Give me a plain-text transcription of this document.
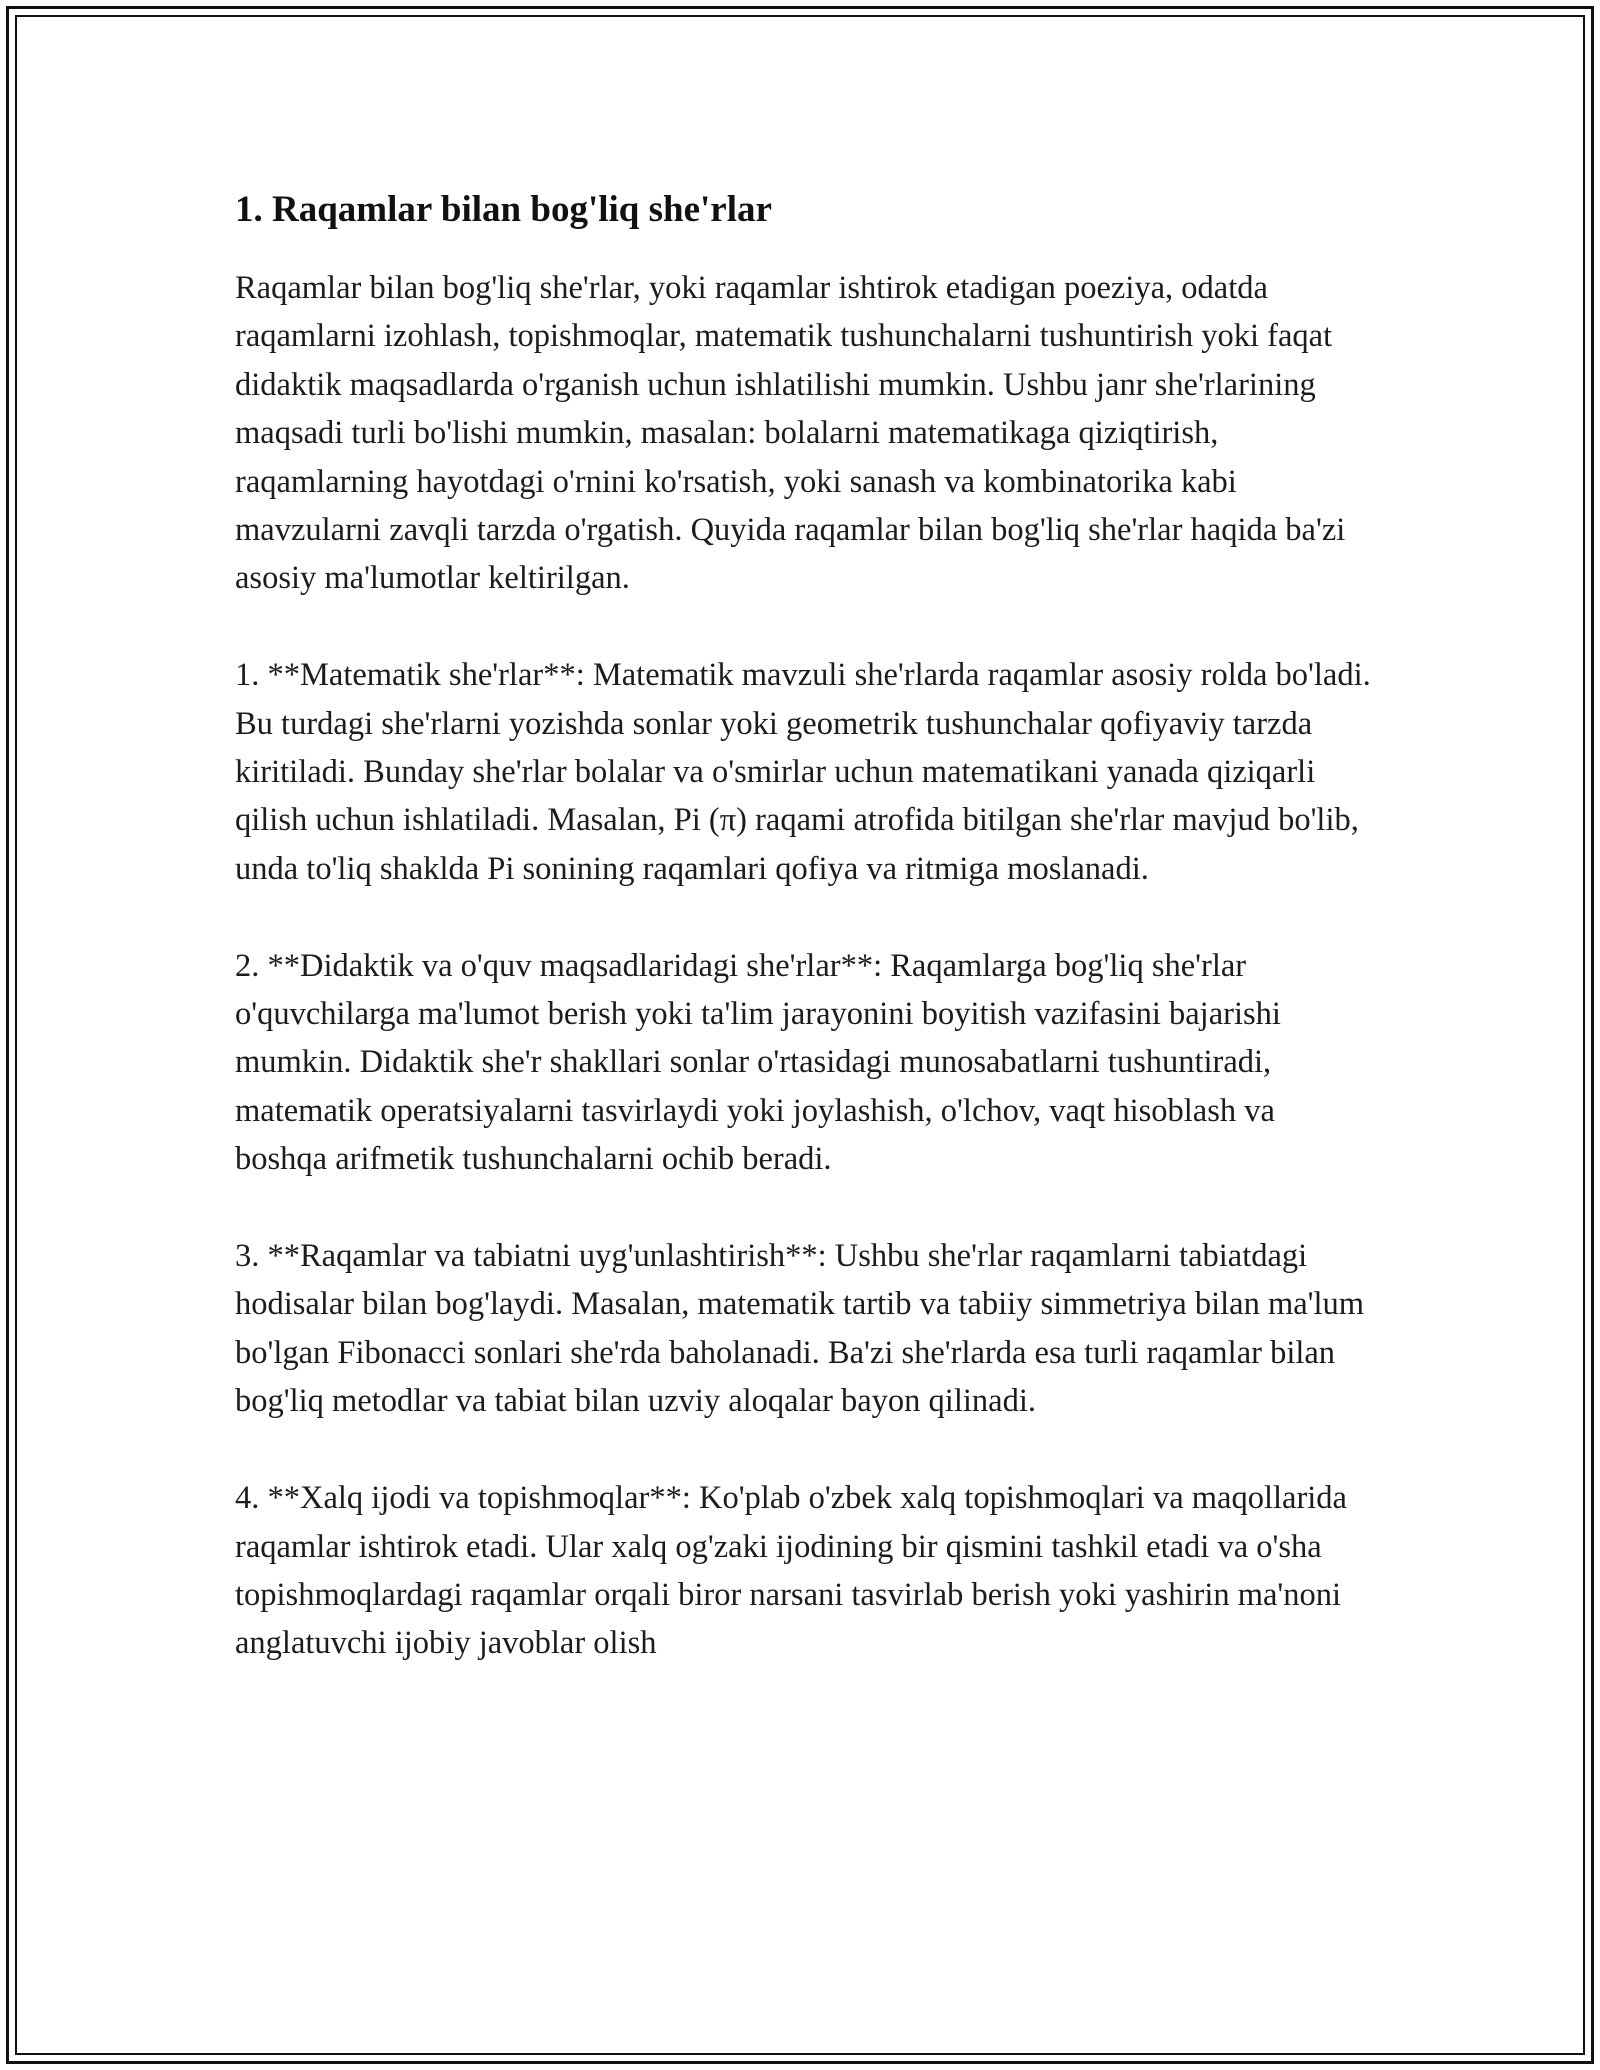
1. Raqamlar bilan bog'liq she'rlar

Raqamlar bilan bog'liq she'rlar, yoki raqamlar ishtirok etadigan poeziya, odatda raqamlarni izohlash, topishmoqlar, matematik tushunchalarni tushuntirish yoki faqat didaktik maqsadlarda o'rganish uchun ishlatilishi mumkin. Ushbu janr she'rlarining maqsadi turli bo'lishi mumkin, masalan: bolalarni matematikaga qiziqtirish, raqamlarning hayotdagi o'rnini ko'rsatish, yoki sanash va kombinatorika kabi mavzularni zavqli tarzda o'rgatish. Quyida raqamlar bilan bog'liq she'rlar haqida ba'zi asosiy ma'lumotlar keltirilgan.

1. **Matematik she'rlar**: Matematik mavzuli she'rlarda raqamlar asosiy rolda bo'ladi. Bu turdagi she'rlarni yozishda sonlar yoki geometrik tushunchalar qofiyaviy tarzda kiritiladi. Bunday she'rlar bolalar va o'smirlar uchun matematikani yanada qiziqarli qilish uchun ishlatiladi. Masalan, Pi (π) raqami atrofida bitilgan she'rlar mavjud bo'lib, unda to'liq shaklda Pi sonining raqamlari qofiya va ritmiga moslanadi.

2. **Didaktik va o'quv maqsadlaridagi she'rlar**: Raqamlarga bog'liq she'rlar o'quvchilarga ma'lumot berish yoki ta'lim jarayonini boyitish vazifasini bajarishi mumkin. Didaktik she'r shakllari sonlar o'rtasidagi munosabatlarni tushuntiradi, matematik operatsiyalarni tasvirlaydi yoki joylashish, o'lchov, vaqt hisoblash va boshqa arifmetik tushunchalarni ochib beradi.

3. **Raqamlar va tabiatni uyg'unlashtirish**: Ushbu she'rlar raqamlarni tabiatdagi hodisalar bilan bog'laydi. Masalan, matematik tartib va tabiiy simmetriya bilan ma'lum bo'lgan Fibonacci sonlari she'rda baholanadi. Ba'zi she'rlarda esa turli raqamlar bilan bog'liq metodlar va tabiat bilan uzviy aloqalar bayon qilinadi.

4. **Xalq ijodi va topishmoqlar**: Ko'plab o'zbek xalq topishmoqlari va maqollarida raqamlar ishtirok etadi. Ular xalq og'zaki ijodining bir qismini tashkil etadi va o'sha topishmoqlardagi raqamlar orqali biror narsani tasvirlab berish yoki yashirin ma'noni anglatuvchi ijobiy javoblar olish
